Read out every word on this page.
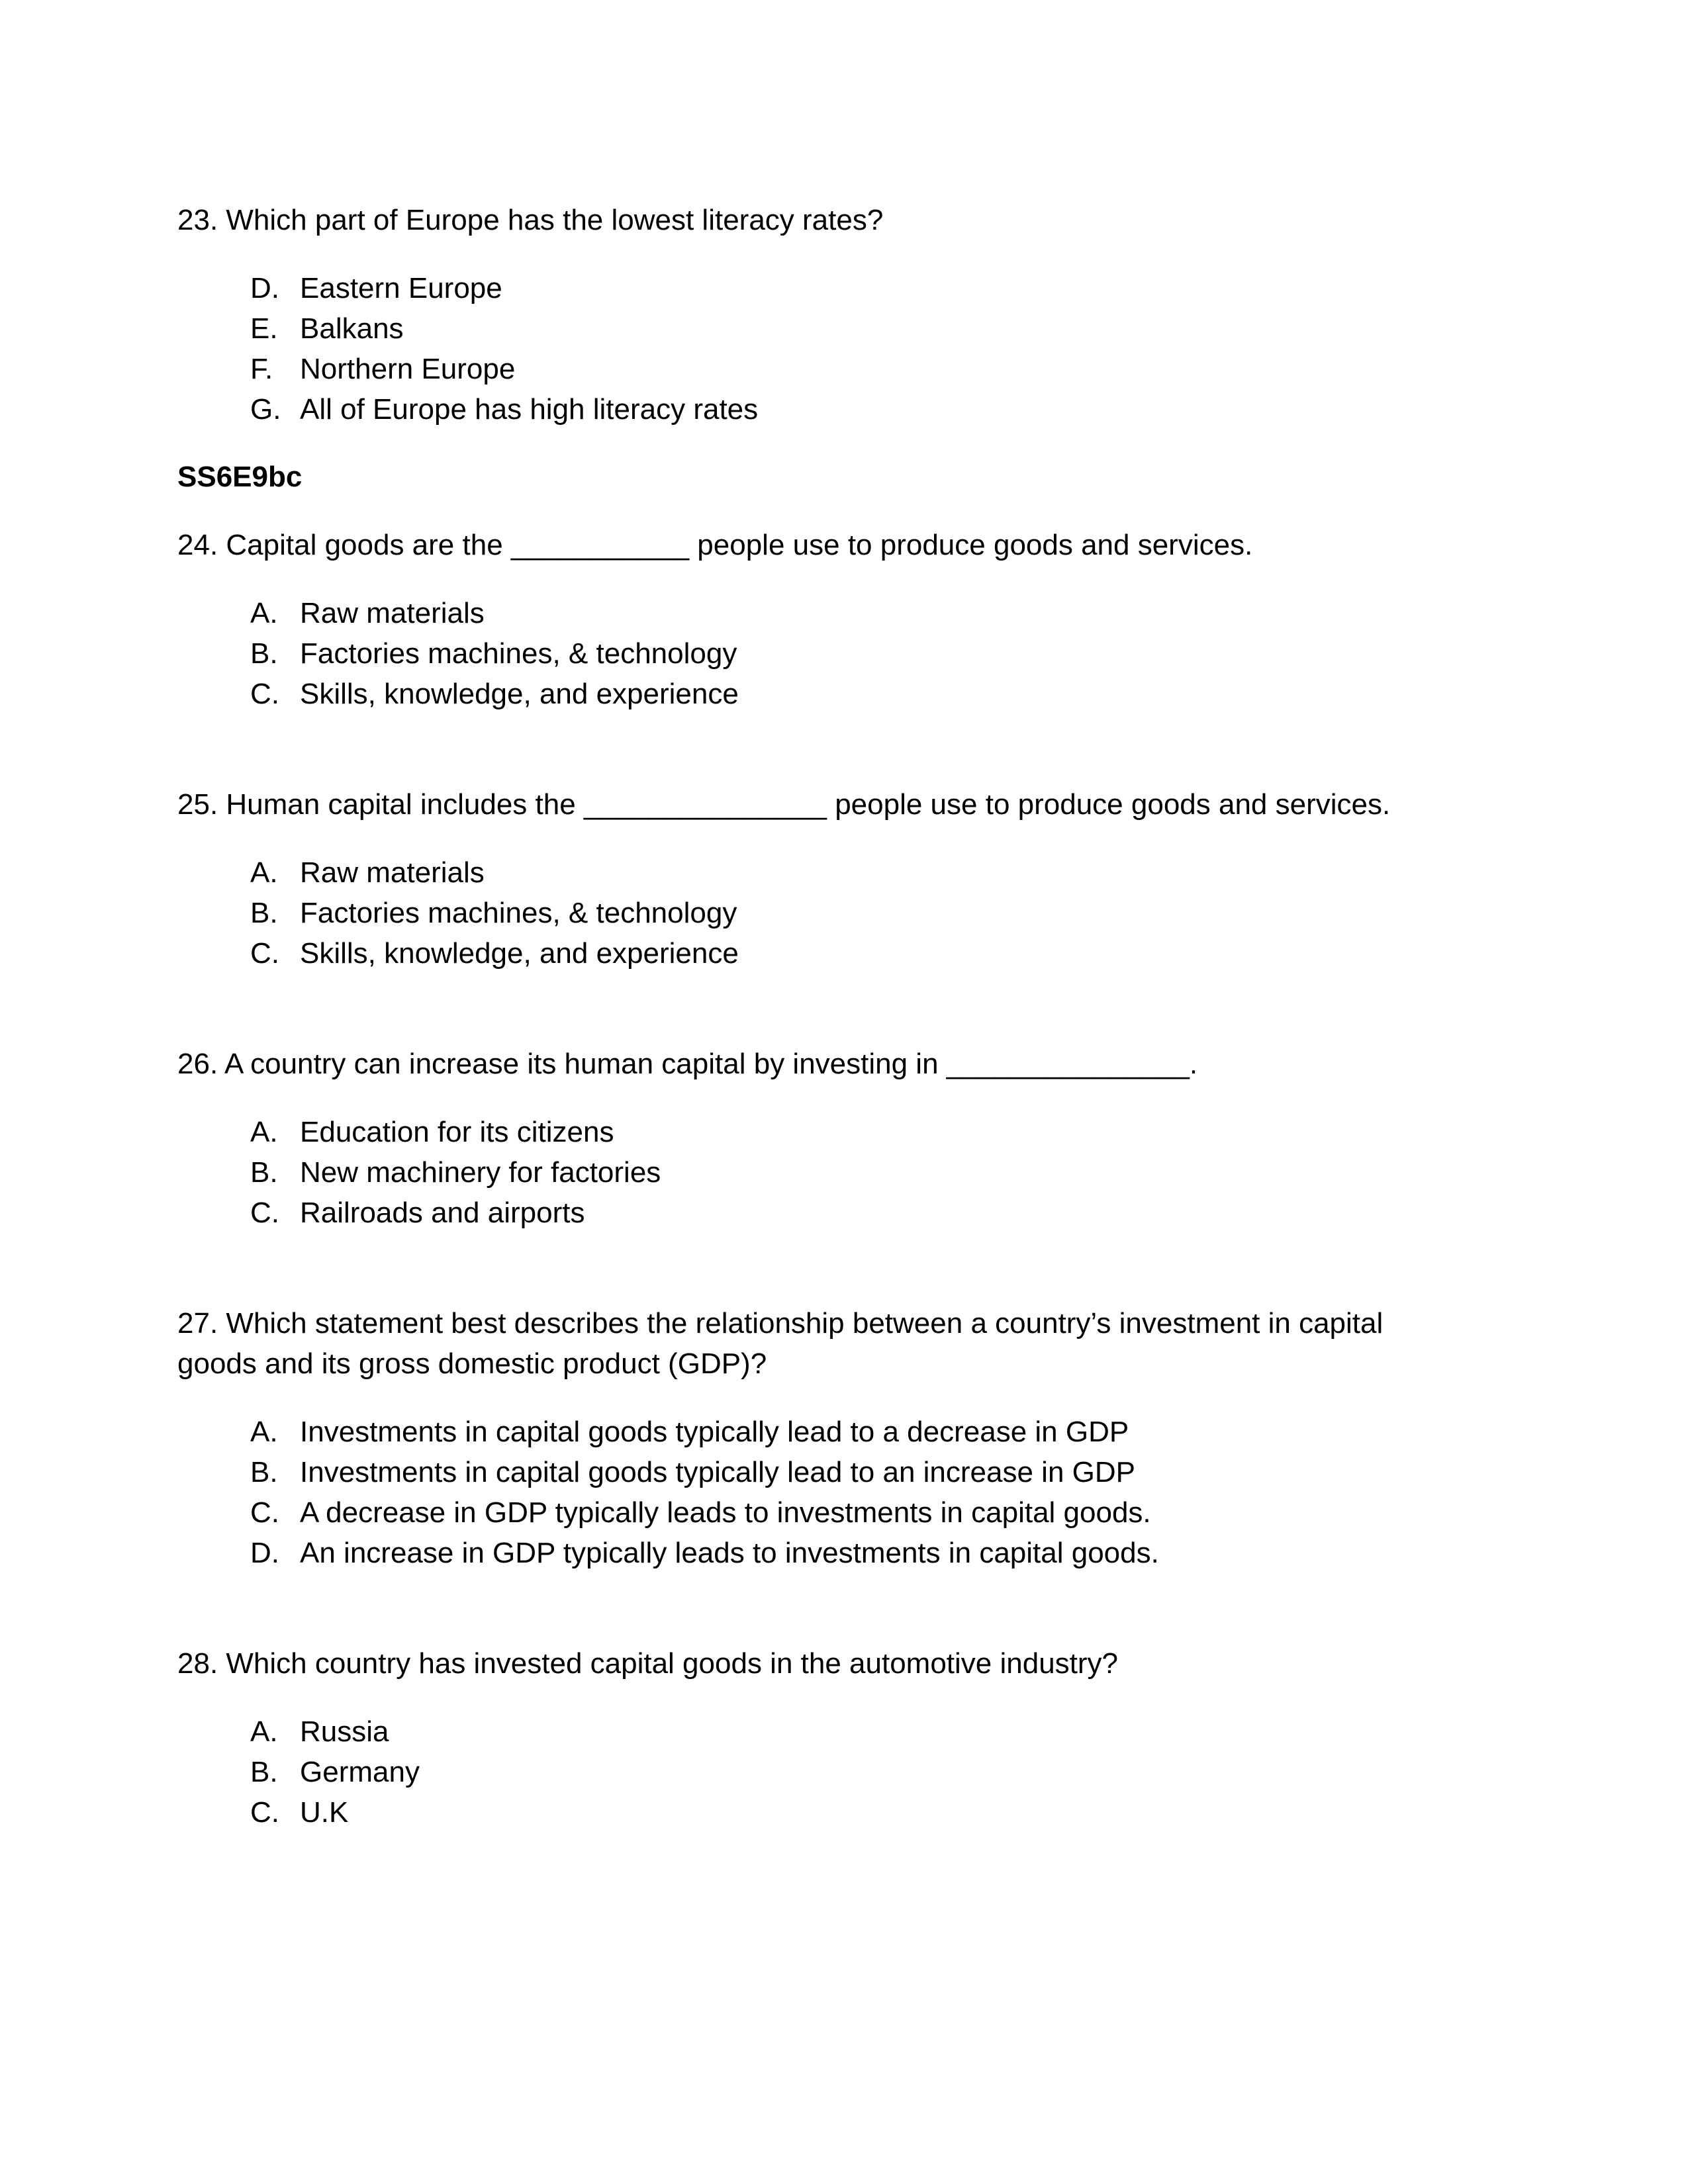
23. Which part of Europe has the lowest literacy rates?

D. Eastern Europe
E. Balkans
F. Northern Europe
G. All of Europe has high literacy rates

SS6E9bc

24. Capital goods are the ___________ people use to produce goods and services.

A. Raw materials
B. Factories machines, & technology
C. Skills, knowledge, and experience

25. Human capital includes the _______________ people use to produce goods and services.

A. Raw materials
B. Factories machines, & technology
C. Skills, knowledge, and experience

26. A country can increase its human capital by investing in _______________.

A. Education for its citizens
B. New machinery for factories
C. Railroads and airports

27. Which statement best describes the relationship between a country’s investment in capital
goods and its gross domestic product (GDP)?

A. Investments in capital goods typically lead to a decrease in GDP
B. Investments in capital goods typically lead to an increase in GDP
C. A decrease in GDP typically leads to investments in capital goods.
D. An increase in GDP typically leads to investments in capital goods.

28. Which country has invested capital goods in the automotive industry?

A. Russia
B. Germany
C. U.K
